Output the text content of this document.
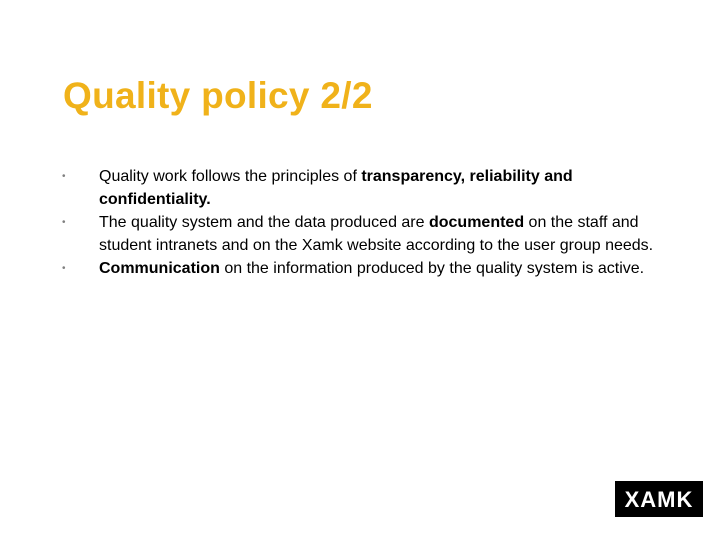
Quality policy 2/2
• Quality work follows the principles of transparency, reliability and confidentiality.
• The quality system and the data produced are documented on the staff and student intranets and on the Xamk website according to the user group needs.
• Communication on the information produced by the quality system is active.
XAMK
